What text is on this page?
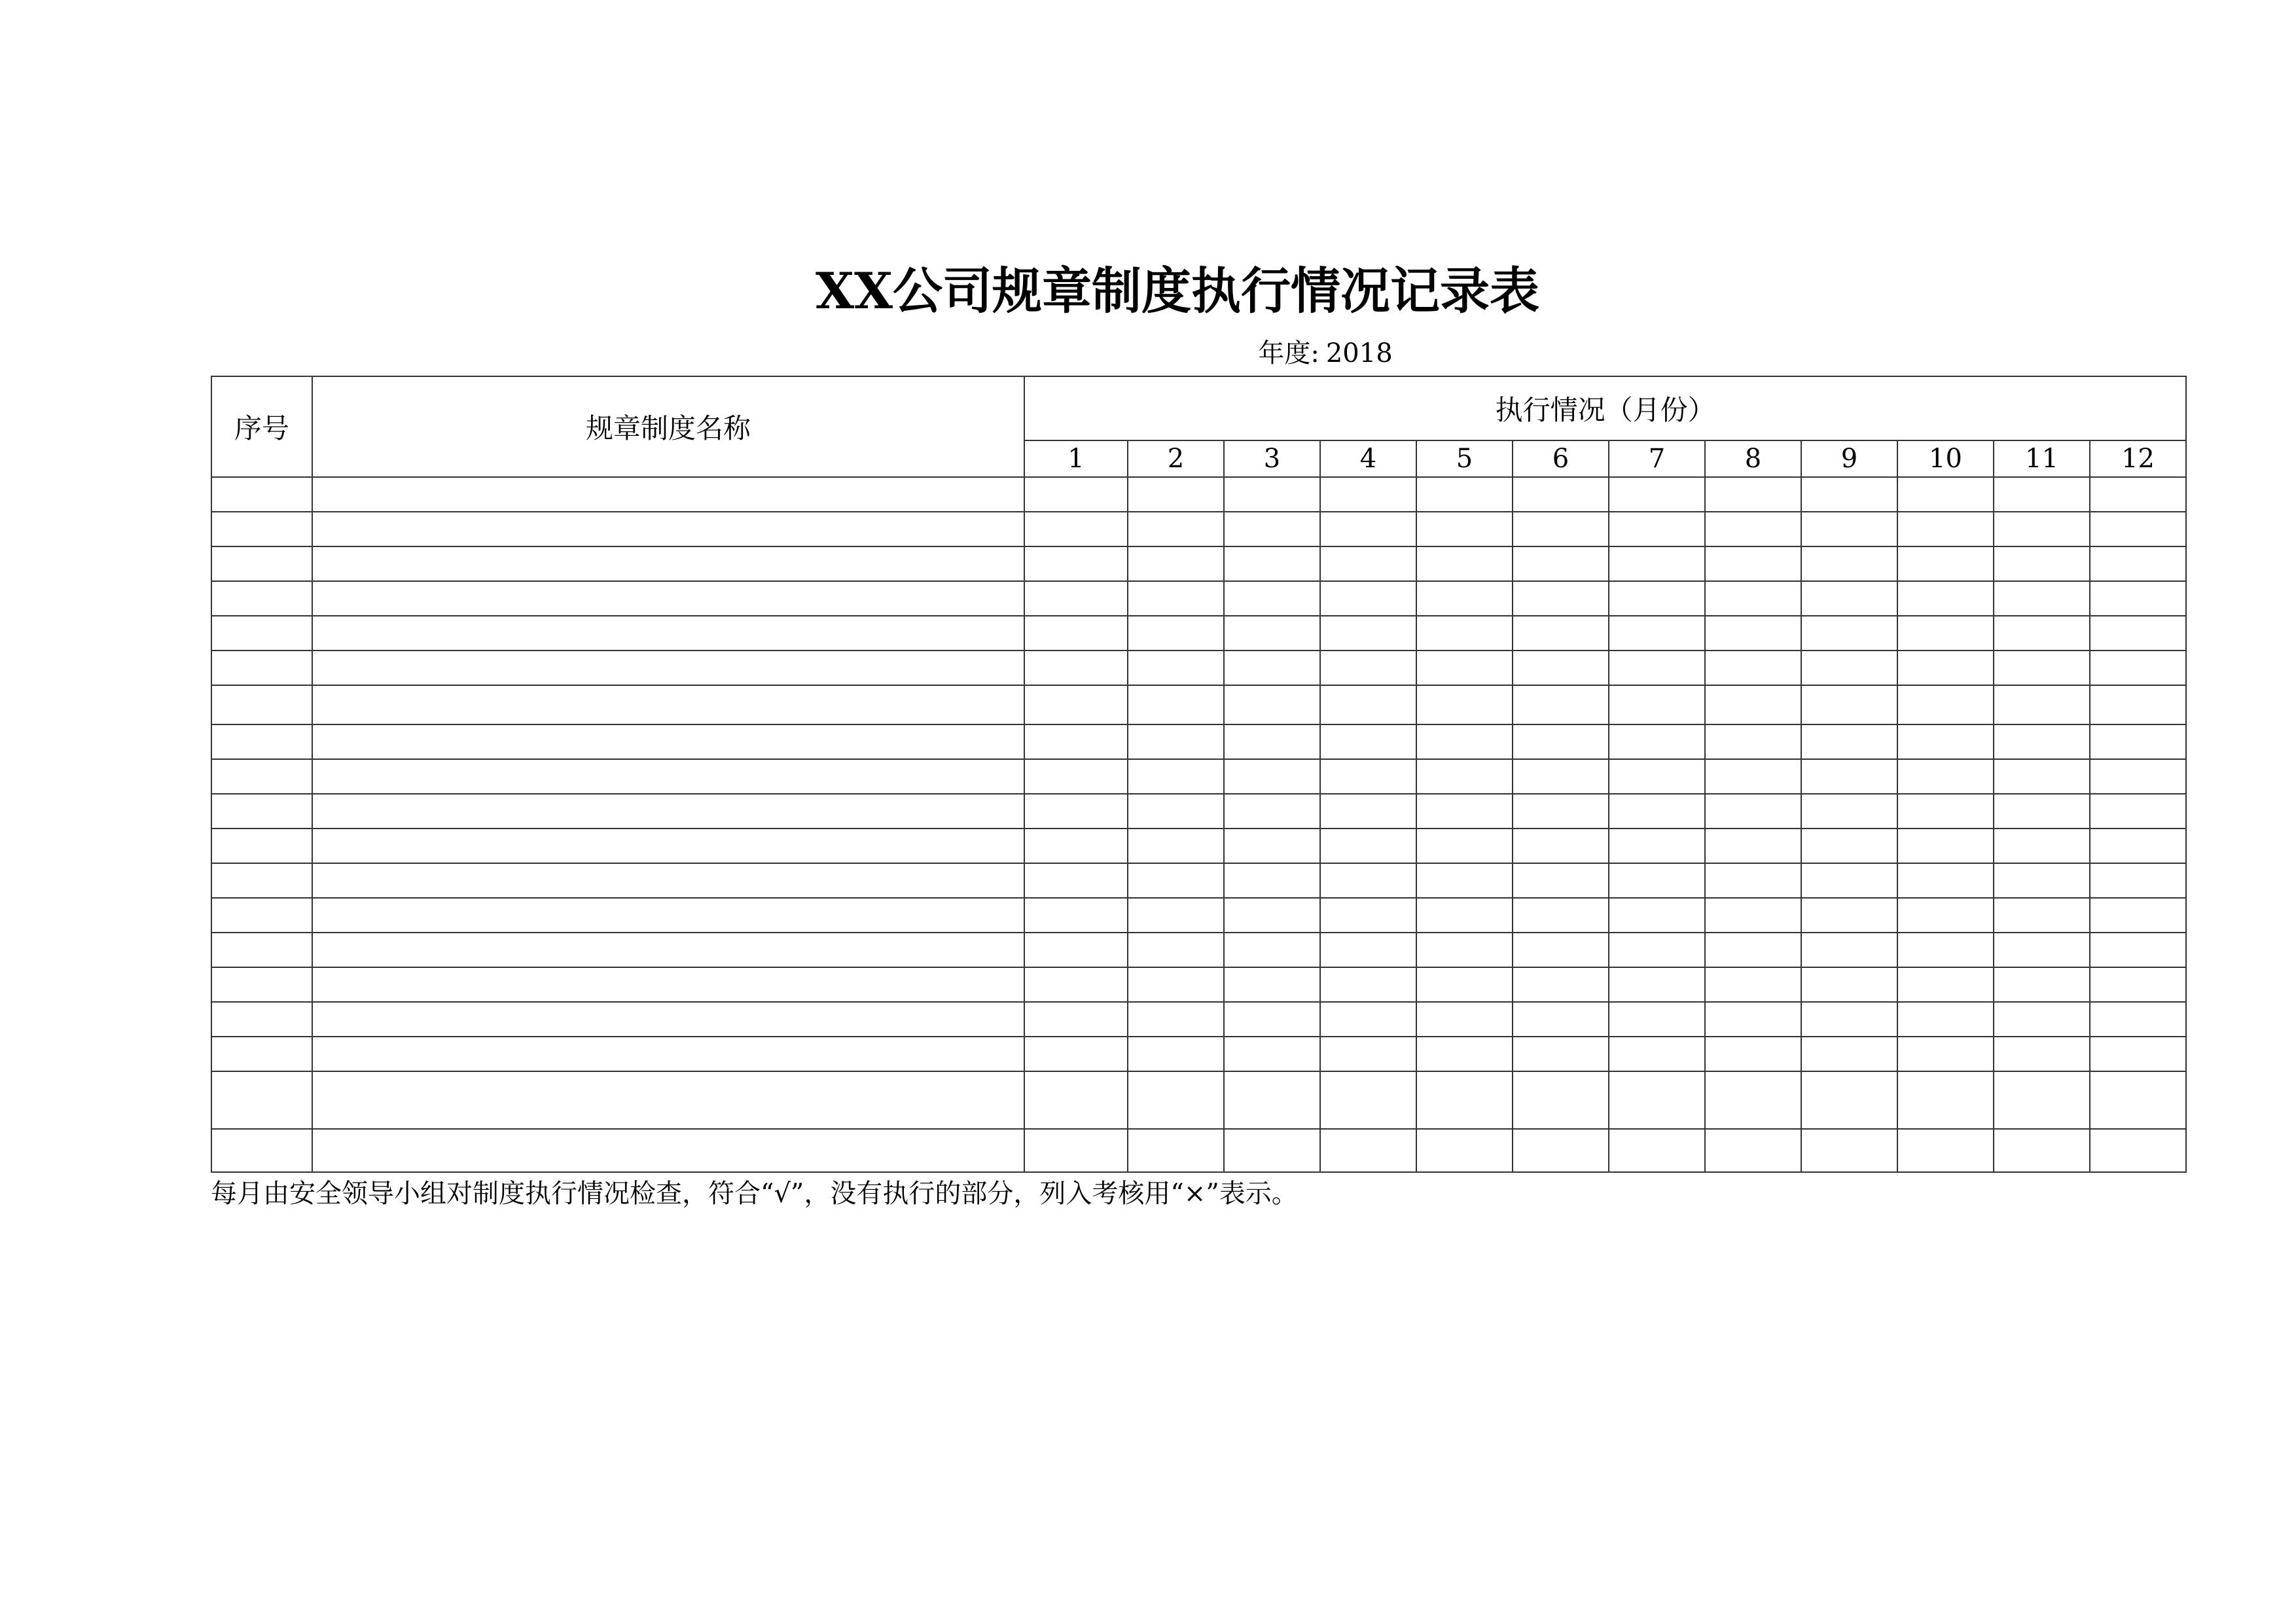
XX公司规章制度执行情况记录表
年度: 2018
序号	规章制度名称	执行情况（月份）											
		1	2	3	4	5	6	7	8	9	10	11	12

每月由安全领导小组对制度执行情况检查，符合“√”，没有执行的部分，列入考核用“×”表示。
